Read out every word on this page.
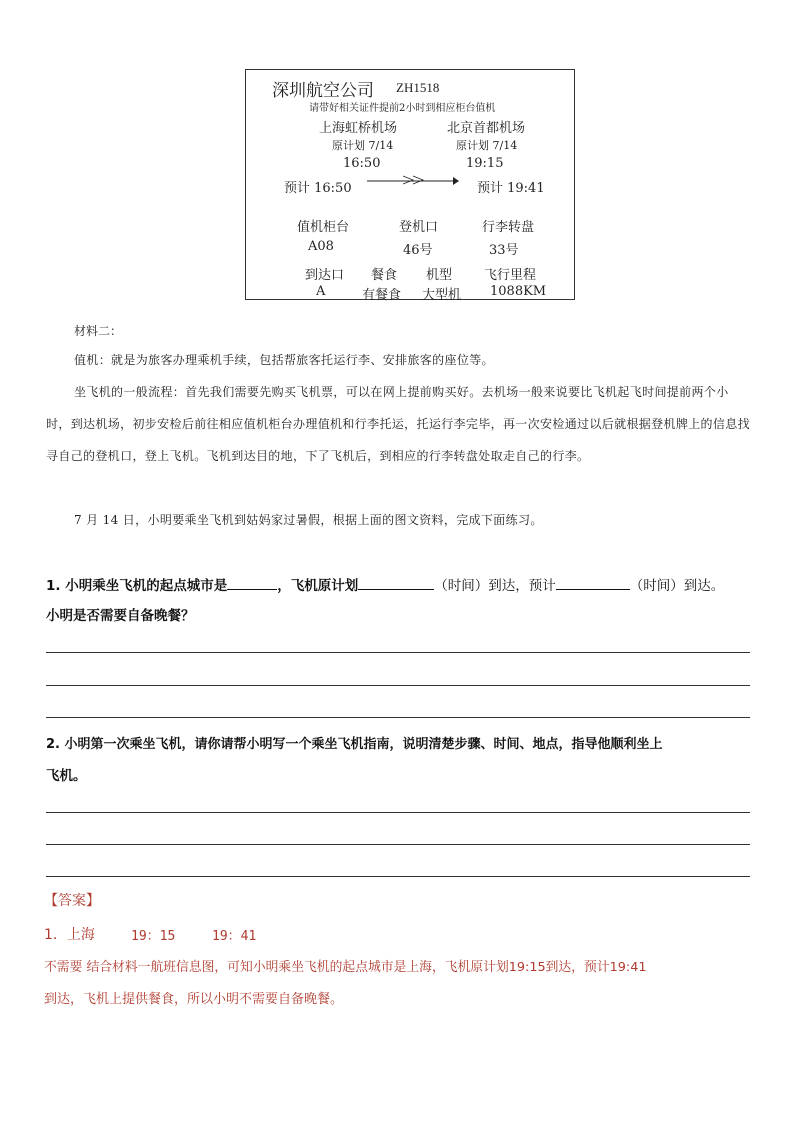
深圳航空公司 ZH1518
请带好相关证件提前2小时到相应柜台值机
上海虹桥机场	北京首都机场
原计划 7/14	原计划 7/14
16:50	19:15
预计 16:50	预计 19:41
值机柜台	登机口	行李转盘
A08	46号	33号
到达口 餐食 机型 飞行里程
A	有餐食 大型机 1088KM
材料二：
值机：就是为旅客办理乘机手续，包括帮旅客托运行李、安排旅客的座位等。
坐飞机的一般流程：首先我们需要先购买飞机票，可以在网上提前购买好。去机场一般来说要比飞机起飞时间提前两个小时，到达机场，初步安检后前往相应值机柜台办理值机和行李托运，托运行李完毕，再一次安检通过以后就根据登机牌上的信息找寻自己的登机口，登上飞机。飞机到达目的地，下了飞机后，到相应的行李转盘处取走自己的行李。
7 月 14 日，小明要乘坐飞机到姑妈家过暑假，根据上面的图文资料，完成下面练习。
1. 小明乘坐飞机的起点城市是	，飞机原计划	（时间）到达，预计	（时间）到达。
小明是否需要自备晚餐？
2. 小明第一次乘坐飞机，请你请帮小明写一个乘坐飞机指南，说明清楚步骤、时间、地点，指导他顺利坐上
飞机。
【答案】
1．上海	19：15	19：41
不需要 结合材料一航班信息图，可知小明乘坐飞机的起点城市是上海，飞机原计划19:15到达，预计19:41
到达，飞机上提供餐食，所以小明不需要自备晚餐。
